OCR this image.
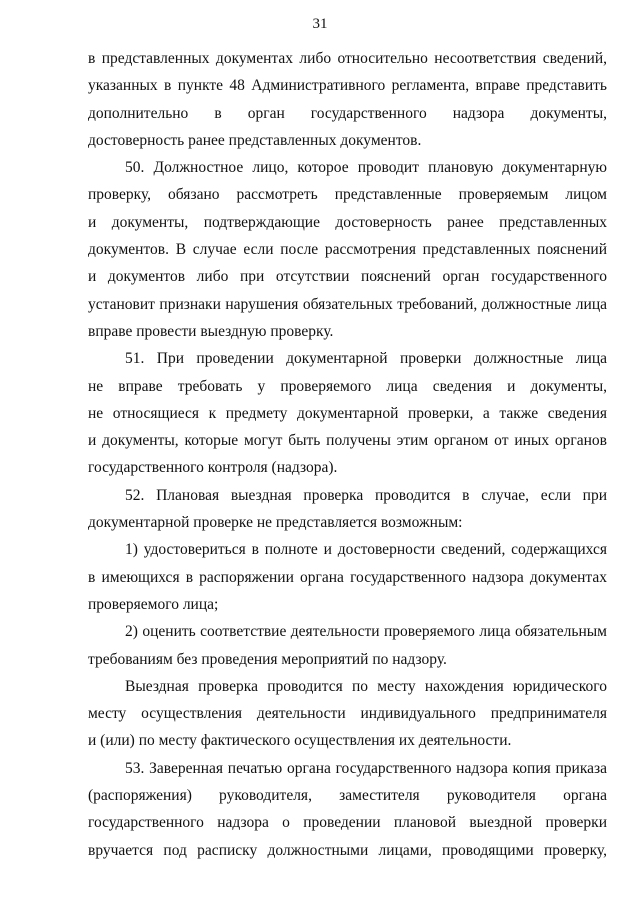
31
в представленных документах либо относительно несоответствия сведений,
указанных в пункте 48 Административного регламента, вправе представить
дополнительно в орган государственного надзора документы,
достоверность ранее представленных документов.
50. Должностное лицо, которое проводит плановую документарную
проверку, обязано рассмотреть представленные проверяемым лицом
и документы, подтверждающие достоверность ранее представленных
документов. В случае если после рассмотрения представленных пояснений
и документов либо при отсутствии пояснений орган государственного
установит признаки нарушения обязательных требований, должностные лица
вправе провести выездную проверку.
51. При проведении документарной проверки должностные лица
не вправе требовать у проверяемого лица сведения и документы,
не относящиеся к предмету документарной проверки, а также сведения
и документы, которые могут быть получены этим органом от иных органов
государственного контроля (надзора).
52. Плановая выездная проверка проводится в случае, если при
документарной проверке не представляется возможным:
1) удостовериться в полноте и достоверности сведений, содержащихся
в имеющихся в распоряжении органа государственного надзора документах
проверяемого лица;
2) оценить соответствие деятельности проверяемого лица обязательным
требованиям без проведения мероприятий по надзору.
Выездная проверка проводится по месту нахождения юридического
месту осуществления деятельности индивидуального предпринимателя
и (или) по месту фактического осуществления их деятельности.
53. Заверенная печатью органа государственного надзора копия приказа
(распоряжения) руководителя, заместителя руководителя органа
государственного надзора о проведении плановой выездной проверки
вручается под расписку должностными лицами, проводящими проверку,
